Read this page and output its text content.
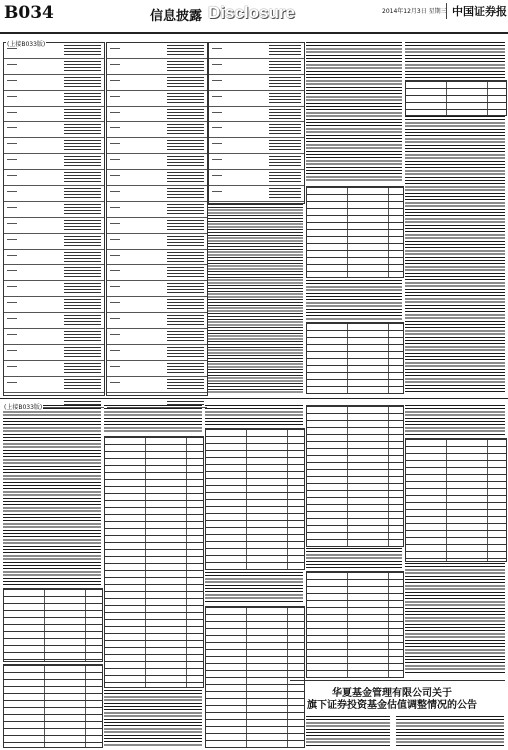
B034	信息披露 Disclosure	2014年12月3日 星期三 中国证券报
(上接B033版)
(上接B033版)
华夏基金管理有限公司关于
旗下证券投资基金估值调整情况的公告
